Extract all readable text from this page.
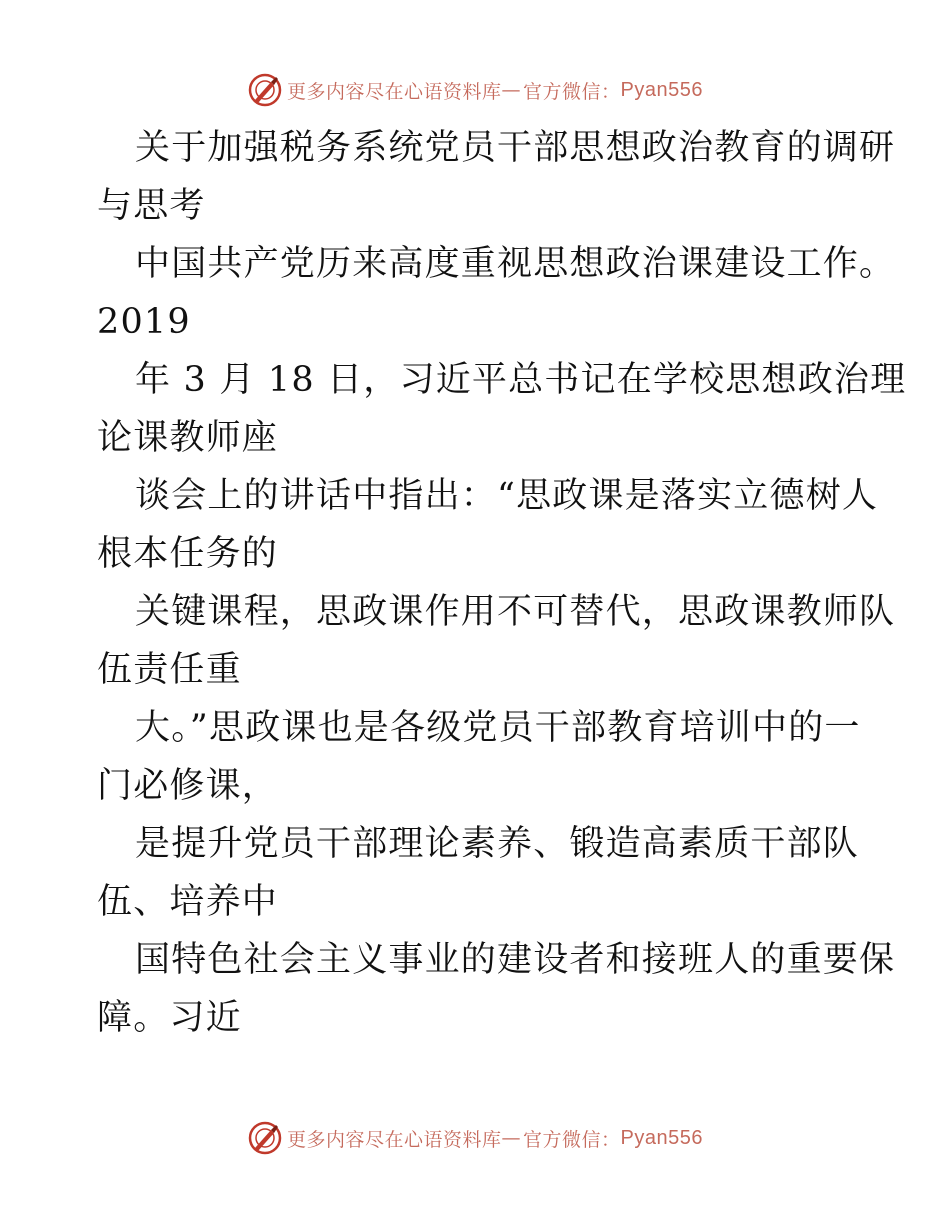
更多内容尽在心语资料库 — 官方微信： Pyan556
关于加强税务系统党员干部思想政治教育的调研
与思考
中国共产党历来高度重视思想政治课建设工作。
2019
年 3 月 18 日，习近平总书记在学校思想政治理
论课教师座
谈会上的讲话中指出：“思政课是落实立德树人
根本任务的
关键课程，思政课作用不可替代，思政课教师队
伍责任重
大。”思政课也是各级党员干部教育培训中的一
门必修课，
是提升党员干部理论素养、锻造高素质干部队
伍、培养中
国特色社会主义事业的建设者和接班人的重要保
障。习近
更多内容尽在心语资料库 — 官方微信： Pyan556
